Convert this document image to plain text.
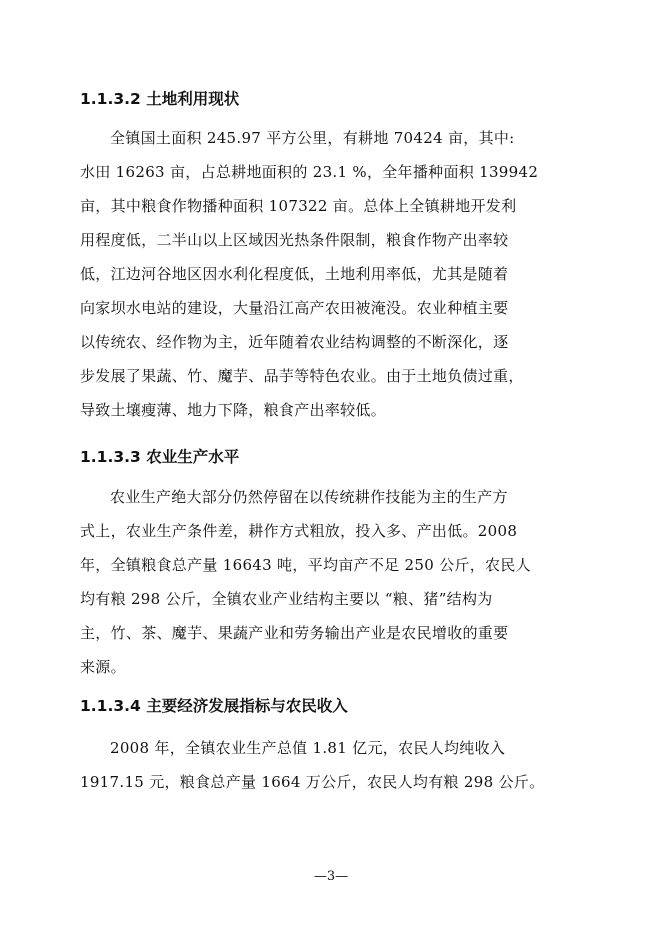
1.1.3.2 土地利用现状
全镇国土面积 245.97 平方公里，有耕地 70424 亩，其中:
水田 16263 亩，占总耕地面积的 23.1 %，全年播种面积 139942
亩，其中粮食作物播种面积 107322 亩。总体上全镇耕地开发利
用程度低，二半山以上区域因光热条件限制，粮食作物产出率较
低，江边河谷地区因水利化程度低，土地利用率低，尤其是随着
向家坝水电站的建设，大量沿江高产农田被淹没。农业种植主要
以传统农、经作物为主，近年随着农业结构调整的不断深化，逐
步发展了果蔬、竹、魔芋、品芋等特色农业。由于土地负债过重，
导致土壤瘦薄、地力下降，粮食产出率较低。
1.1.3.3 农业生产水平
农业生产绝大部分仍然停留在以传统耕作技能为主的生产方
式上，农业生产条件差，耕作方式粗放，投入多、产出低。2008
年，全镇粮食总产量 16643 吨，平均亩产不足 250 公斤，农民人
均有粮 298 公斤，全镇农业产业结构主要以 “粮、猪”结构为
主，竹、茶、魔芋、果蔬产业和劳务输出产业是农民增收的重要
来源。
1.1.3.4 主要经济发展指标与农民收入
2008 年，全镇农业生产总值 1.81 亿元，农民人均纯收入
1917.15 元，粮食总产量 1664 万公斤，农民人均有粮 298 公斤。
—3—
